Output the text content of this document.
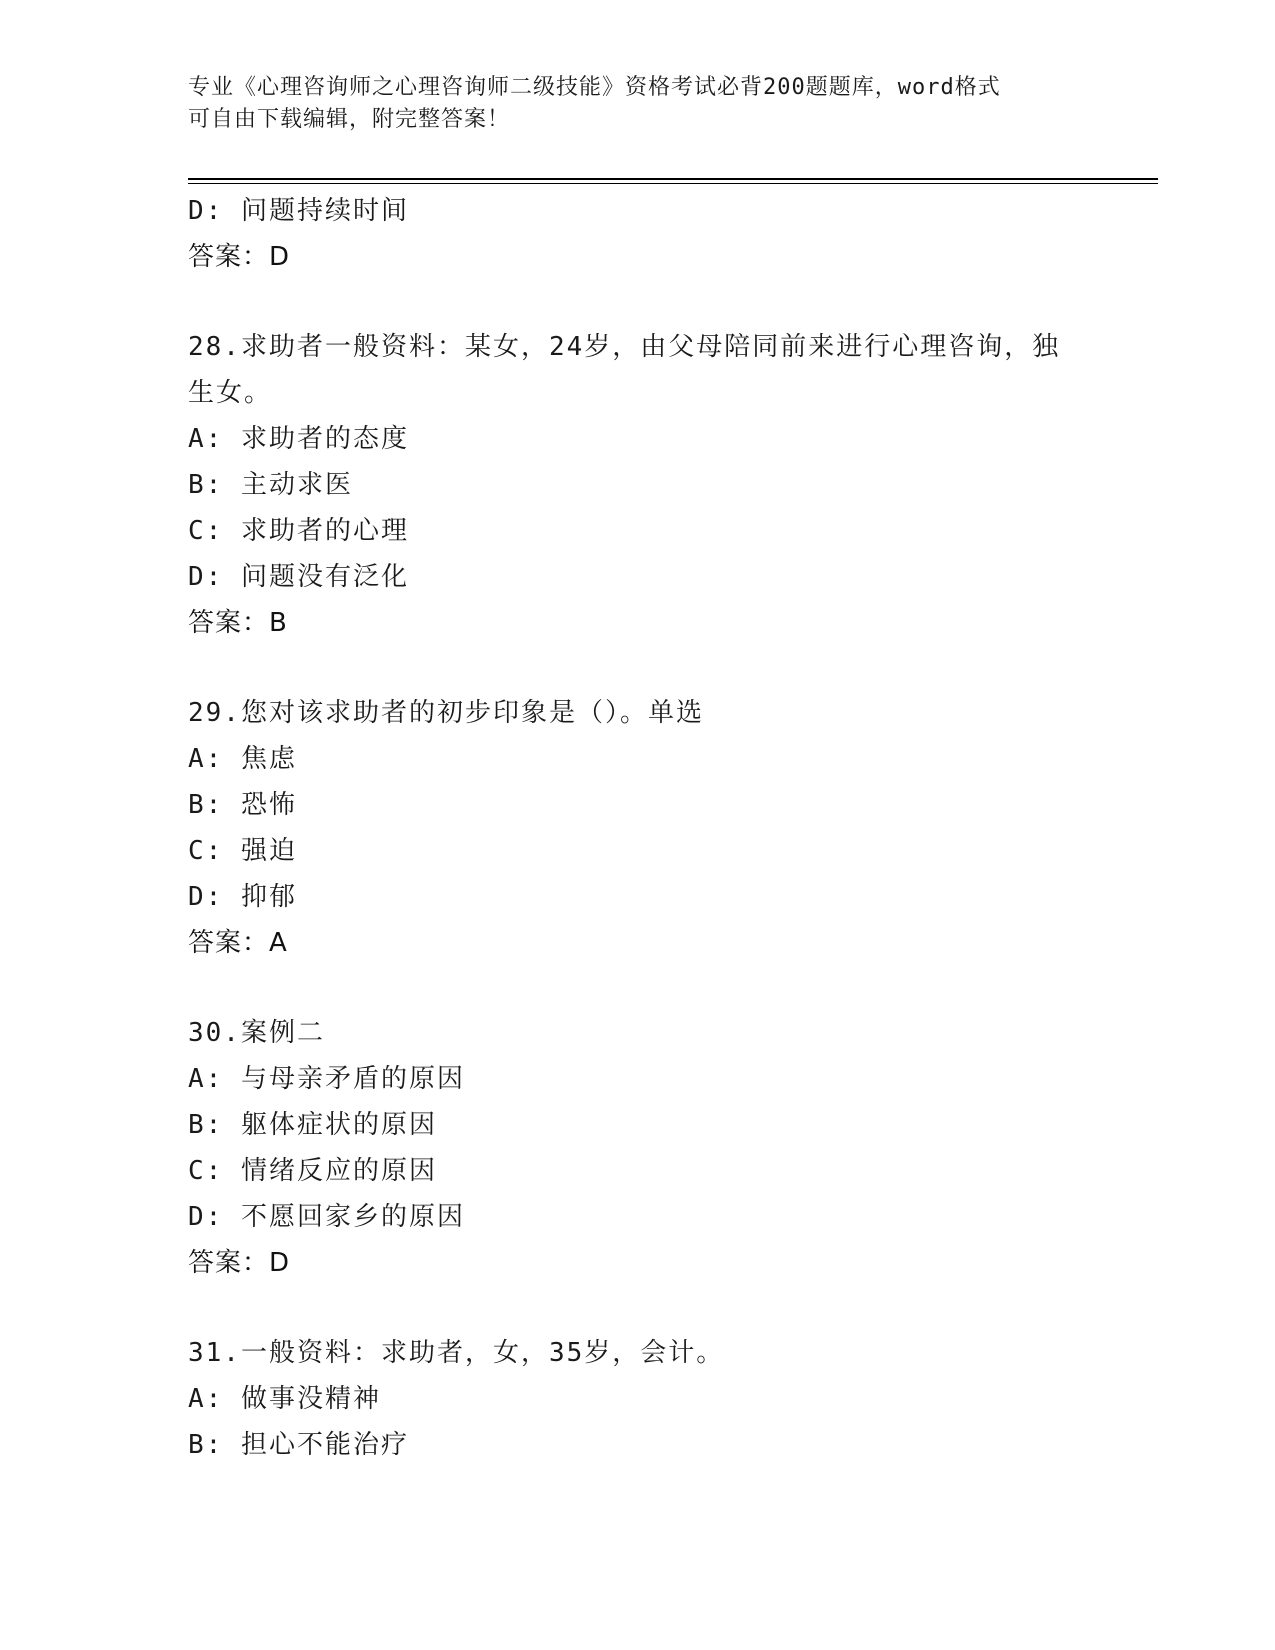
专业《心理咨询师之心理咨询师二级技能》资格考试必背200题题库，word格式
可自由下载编辑，附完整答案！
D: 问题持续时间
答案：D
28.求助者一般资料：某女，24岁，由父母陪同前来进行心理咨询，独生女。
A: 求助者的态度
B: 主动求医
C: 求助者的心理
D: 问题没有泛化
答案：B
29.您对该求助者的初步印象是（）。单选
A: 焦虑
B: 恐怖
C: 强迫
D: 抑郁
答案：A
30.案例二
A: 与母亲矛盾的原因
B: 躯体症状的原因
C: 情绪反应的原因
D: 不愿回家乡的原因
答案：D
31.一般资料：求助者，女，35岁，会计。
A: 做事没精神
B: 担心不能治疗
